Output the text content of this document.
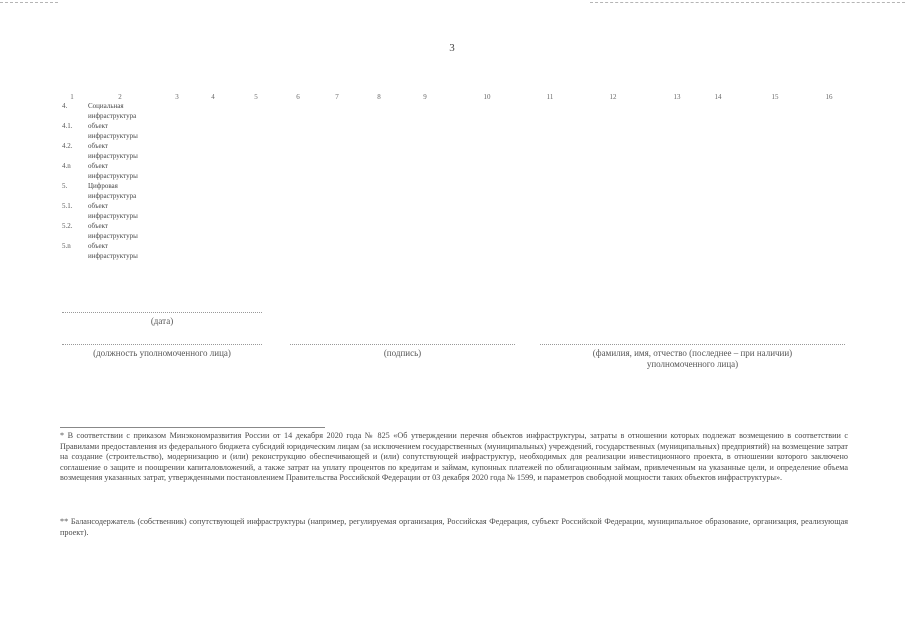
3
1	2	3	4	5	6	7	8	9	10	11	12	13	14	15	16
4.	Социальная инфраструктура
4.1.	объект инфраструктуры
4.2.	объект инфраструктуры
4.n	объект инфраструктуры
5.	Цифровая инфраструктура
5.1.	объект инфраструктуры
5.2.	объект инфраструктуры
5.n	объект инфраструктуры
(дата)
(должность уполномоченного лица)	(подпись)	(фамилия, имя, отчество (последнее – при наличии) уполномоченного лица)
* В соответствии с приказом Минэкономразвития России от 14 декабря 2020 года № 825 «Об утверждении перечня объектов инфраструктуры, затраты в отношении которых подлежат возмещению в соответствии с Правилами предоставления из федерального бюджета субсидий юридическим лицам (за исключением государственных (муниципальных) учреждений, государственных (муниципальных) предприятий) на возмещение затрат на создание (строительство), модернизацию и (или) реконструкцию обеспечивающей и (или) сопутствующей инфраструктур, необходимых для реализации инвестиционного проекта, в отношении которого заключено соглашение о защите и поощрении капиталовложений, а также затрат на уплату процентов по кредитам и займам, купонных платежей по облигационным займам, привлеченным на указанные цели, и определение объема возмещения указанных затрат, утвержденными постановлением Правительства Российской Федерации от 03 декабря 2020 года № 1599, и параметров свободной мощности таких объектов инфраструктуры».
** Балансодержатель (собственник) сопутствующей инфраструктуры (например, регулируемая организация, Российская Федерация, субъект Российской Федерации, муниципальное образование, организация, реализующая проект).
